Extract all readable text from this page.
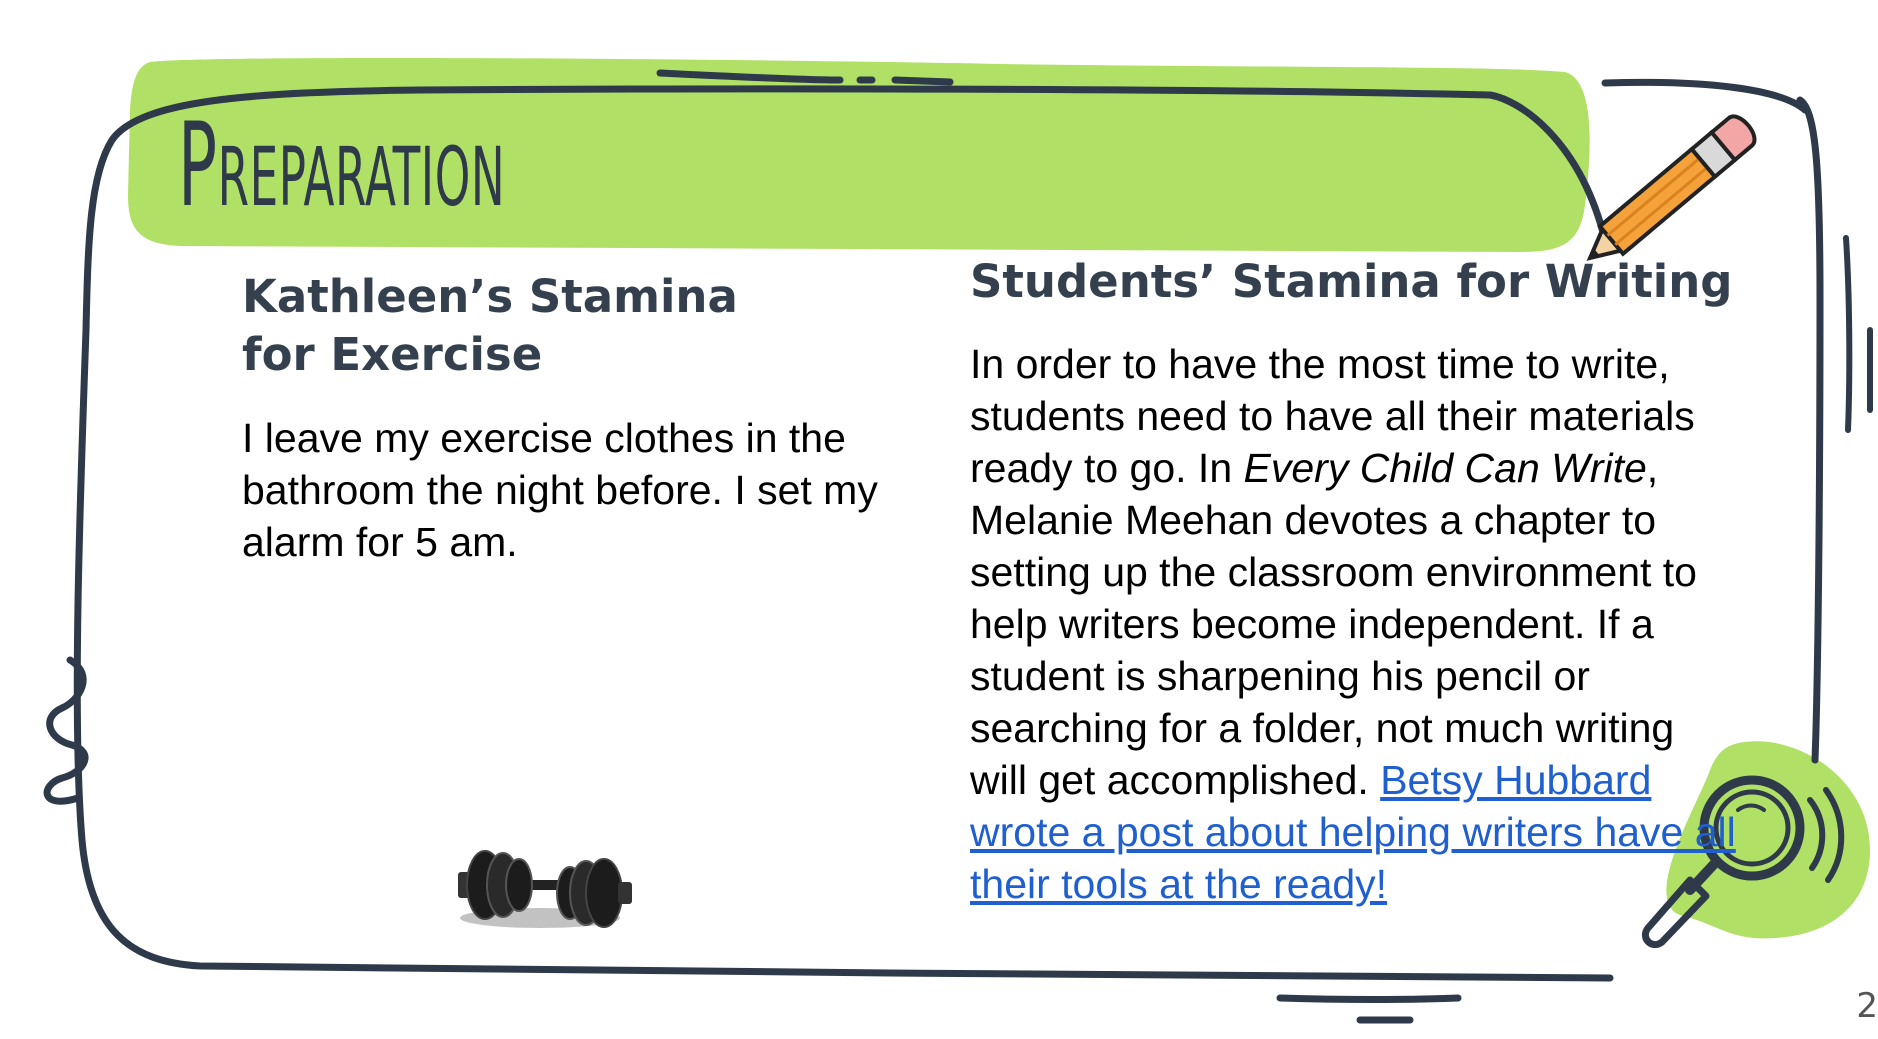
Preparation
Kathleen’s Stamina for Exercise
I leave my exercise clothes in the bathroom the night before. I set my alarm for 5 am.
Students’ Stamina for Writing
In order to have the most time to write, students need to have all their materials ready to go. In Every Child Can Write, Melanie Meehan devotes a chapter to setting up the classroom environment to help writers become independent. If a student is sharpening his pencil or searching for a folder, not much writing will get accomplished. Betsy Hubbard wrote a post about helping writers have all their tools at the ready!
2
